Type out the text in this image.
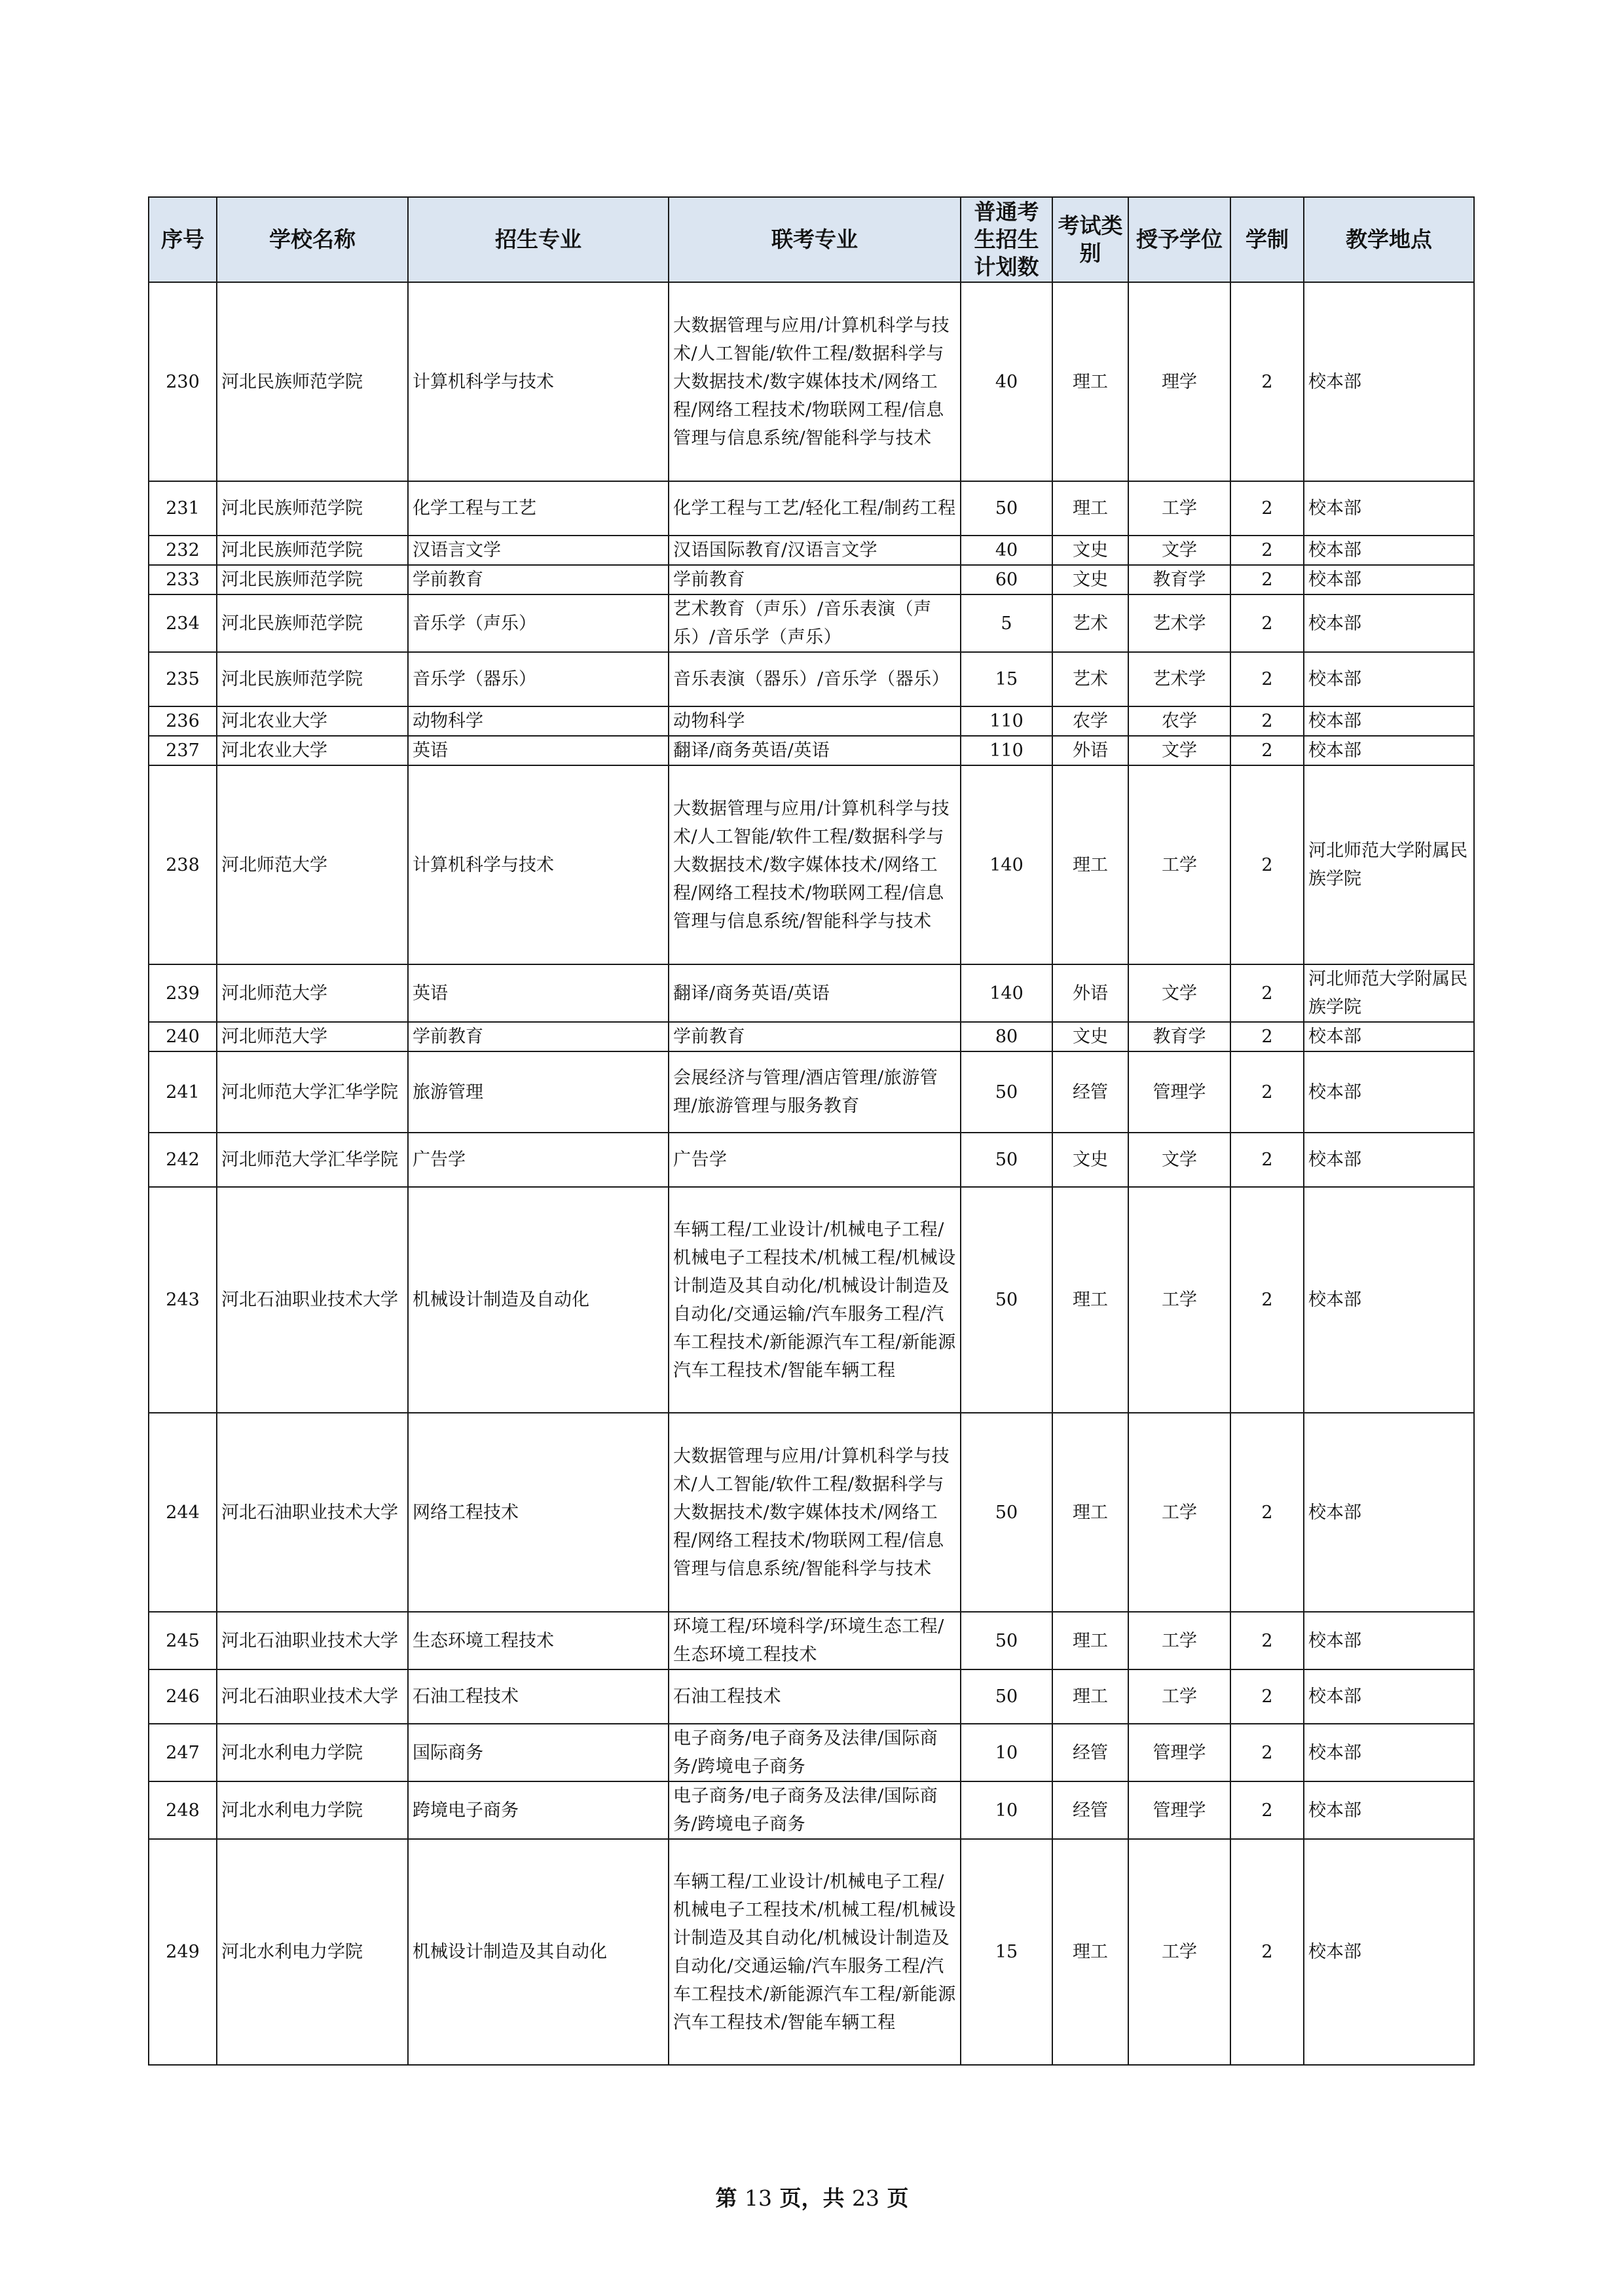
序号	学校名称	招生专业	联考专业	普通考生招生计划数	考试类别	授予学位	学制	教学地点
230	河北民族师范学院	计算机科学与技术	大数据管理与应用/计算机科学与技术/人工智能/软件工程/数据科学与大数据技术/数字媒体技术/网络工程/网络工程技术/物联网工程/信息管理与信息系统/智能科学与技术	40	理工	理学	2	校本部
231	河北民族师范学院	化学工程与工艺	化学工程与工艺/轻化工程/制药工程	50	理工	工学	2	校本部
232	河北民族师范学院	汉语言文学	汉语国际教育/汉语言文学	40	文史	文学	2	校本部
233	河北民族师范学院	学前教育	学前教育	60	文史	教育学	2	校本部
234	河北民族师范学院	音乐学（声乐）	艺术教育（声乐）/音乐表演（声乐）/音乐学（声乐）	5	艺术	艺术学	2	校本部
235	河北民族师范学院	音乐学（器乐）	音乐表演（器乐）/音乐学（器乐）	15	艺术	艺术学	2	校本部
236	河北农业大学	动物科学	动物科学	110	农学	农学	2	校本部
237	河北农业大学	英语	翻译/商务英语/英语	110	外语	文学	2	校本部
238	河北师范大学	计算机科学与技术	大数据管理与应用/计算机科学与技术/人工智能/软件工程/数据科学与大数据技术/数字媒体技术/网络工程/网络工程技术/物联网工程/信息管理与信息系统/智能科学与技术	140	理工	工学	2	河北师范大学附属民族学院
239	河北师范大学	英语	翻译/商务英语/英语	140	外语	文学	2	河北师范大学附属民族学院
240	河北师范大学	学前教育	学前教育	80	文史	教育学	2	校本部
241	河北师范大学汇华学院	旅游管理	会展经济与管理/酒店管理/旅游管理/旅游管理与服务教育	50	经管	管理学	2	校本部
242	河北师范大学汇华学院	广告学	广告学	50	文史	文学	2	校本部
243	河北石油职业技术大学	机械设计制造及自动化	车辆工程/工业设计/机械电子工程/机械电子工程技术/机械工程/机械设计制造及其自动化/机械设计制造及自动化/交通运输/汽车服务工程/汽车工程技术/新能源汽车工程/新能源汽车工程技术/智能车辆工程	50	理工	工学	2	校本部
244	河北石油职业技术大学	网络工程技术	大数据管理与应用/计算机科学与技术/人工智能/软件工程/数据科学与大数据技术/数字媒体技术/网络工程/网络工程技术/物联网工程/信息管理与信息系统/智能科学与技术	50	理工	工学	2	校本部
245	河北石油职业技术大学	生态环境工程技术	环境工程/环境科学/环境生态工程/生态环境工程技术	50	理工	工学	2	校本部
246	河北石油职业技术大学	石油工程技术	石油工程技术	50	理工	工学	2	校本部
247	河北水利电力学院	国际商务	电子商务/电子商务及法律/国际商务/跨境电子商务	10	经管	管理学	2	校本部
248	河北水利电力学院	跨境电子商务	电子商务/电子商务及法律/国际商务/跨境电子商务	10	经管	管理学	2	校本部
249	河北水利电力学院	机械设计制造及其自动化	车辆工程/工业设计/机械电子工程/机械电子工程技术/机械工程/机械设计制造及其自动化/机械设计制造及自动化/交通运输/汽车服务工程/汽车工程技术/新能源汽车工程/新能源汽车工程技术/智能车辆工程	15	理工	工学	2	校本部
第 13 页，共 23 页
